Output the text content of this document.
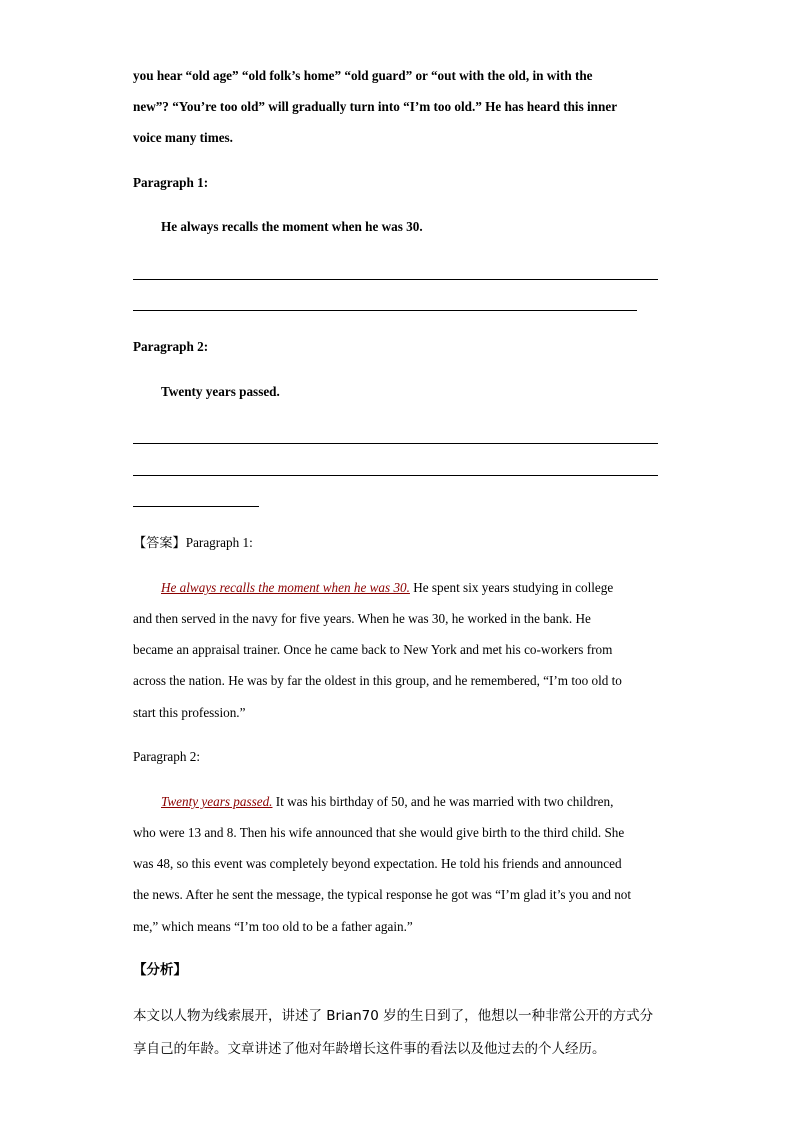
you hear “old age” “old folk’s home” “old guard” or “out with the old, in with the
new”? “You’re too old” will gradually turn into “I’m too old.” He has heard this inner
voice many times.
Paragraph 1:
He always recalls the moment when he was 30.
Paragraph 2:
Twenty years passed.
【答案】Paragraph 1:
He always recalls the moment when he was 30. He spent six years studying in college
and then served in the navy for five years. When he was 30, he worked in the bank. He
became an appraisal trainer. Once he came back to New York and met his co-workers from
across the nation. He was by far the oldest in this group, and he remembered, “I’m too old to
start this profession.”
Paragraph 2:
Twenty years passed. It was his birthday of 50, and he was married with two children,
who were 13 and 8. Then his wife announced that she would give birth to the third child. She
was 48, so this event was completely beyond expectation. He told his friends and announced
the news. After he sent the message, the typical response he got was “I’m glad it’s you and not
me,” which means “I’m too old to be a father again.”
【分析】
本文以人物为线索展开，讲述了 Brian70 岁的生日到了，他想以一种非常公开的方式分
享自己的年龄。文章讲述了他对年龄增长这件事的看法以及他过去的个人经历。
